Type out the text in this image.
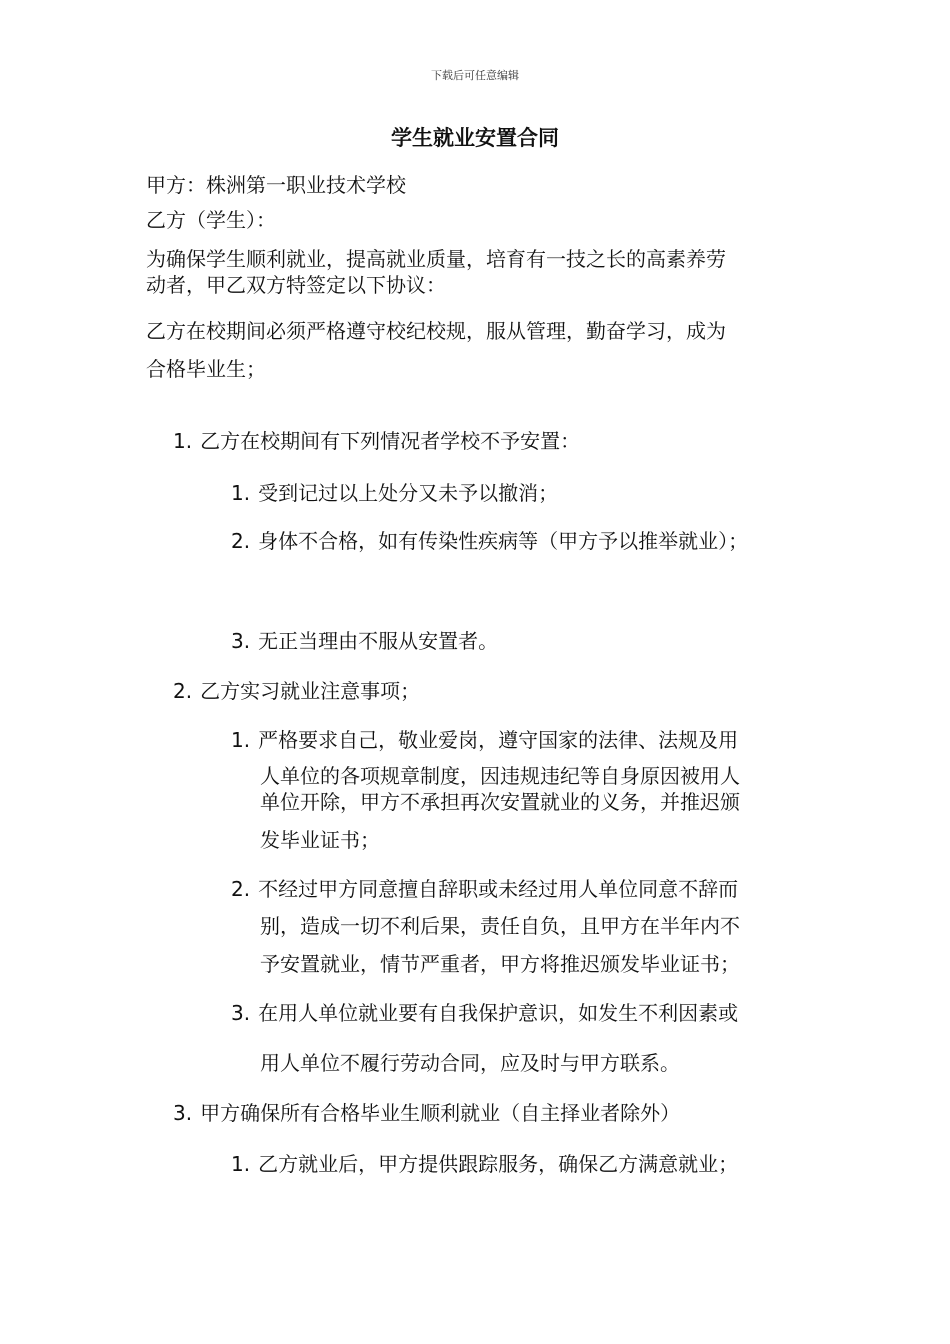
下载后可任意编辑
学生就业安置合同
甲方：株洲第一职业技术学校
乙方（学生）：
为确保学生顺利就业，提高就业质量，培育有一技之长的高素养劳
动者，甲乙双方特签定以下协议：
乙方在校期间必须严格遵守校纪校规，服从管理，勤奋学习，成为
合格毕业生；
1. 乙方在校期间有下列情况者学校不予安置：
1. 受到记过以上处分又未予以撤消；
2. 身体不合格，如有传染性疾病等（甲方予以推举就业）；
3. 无正当理由不服从安置者。
2. 乙方实习就业注意事项；
1. 严格要求自己，敬业爱岗，遵守国家的法律、法规及用
人单位的各项规章制度，因违规违纪等自身原因被用人
单位开除，甲方不承担再次安置就业的义务，并推迟颁
发毕业证书；
2. 不经过甲方同意擅自辞职或未经过用人单位同意不辞而
别，造成一切不利后果，责任自负，且甲方在半年内不
予安置就业，情节严重者，甲方将推迟颁发毕业证书；
3. 在用人单位就业要有自我保护意识，如发生不利因素或
用人单位不履行劳动合同，应及时与甲方联系。
3. 甲方确保所有合格毕业生顺利就业（自主择业者除外）
1. 乙方就业后，甲方提供跟踪服务，确保乙方满意就业；
